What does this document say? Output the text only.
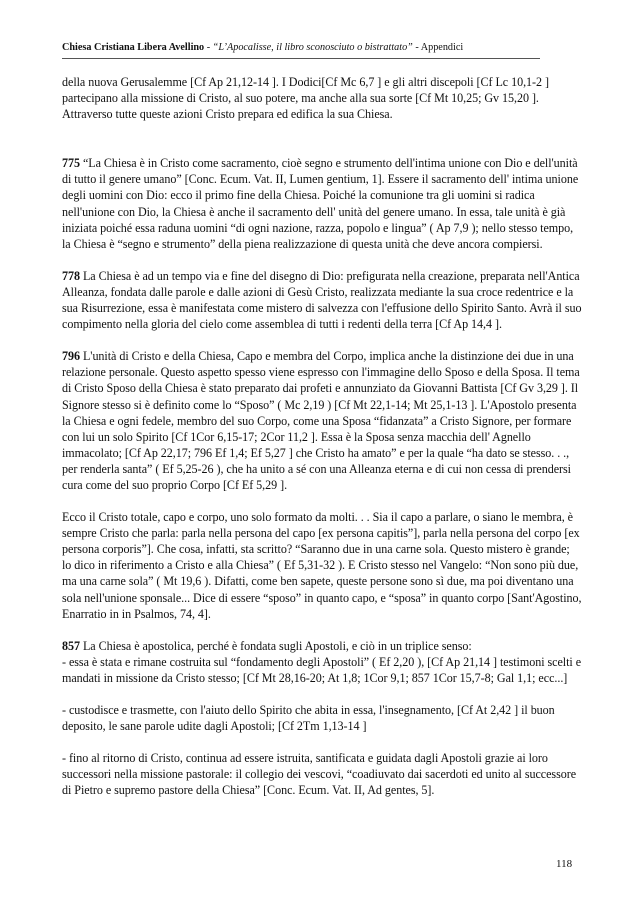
Chiesa Cristiana Libera Avellino - “L’Apocalisse, il libro sconosciuto o bistrattato” - Appendici

della nuova Gerusalemme [Cf Ap 21,12-14 ]. I Dodici[Cf Mc 6,7 ] e gli altri discepoli [Cf Lc 10,1-2 ] partecipano alla missione di Cristo, al suo potere, ma anche alla sua sorte [Cf Mt 10,25; Gv 15,20 ]. Attraverso tutte queste azioni Cristo prepara ed edifica la sua Chiesa.

775 “La Chiesa è in Cristo come sacramento, cioè segno e strumento dell'intima unione con Dio e dell'unità di tutto il genere umano” [Conc. Ecum. Vat. II, Lumen gentium, 1]. Essere il sacramento dell' intima unione degli uomini con Dio: ecco il primo fine della Chiesa. Poiché la comunione tra gli uomini si radica nell'unione con Dio, la Chiesa è anche il sacramento dell' unità del genere umano. In essa, tale unità è già iniziata poiché essa raduna uomini “di ogni nazione, razza, popolo e lingua” ( Ap 7,9 ); nello stesso tempo, la Chiesa è “segno e strumento” della piena realizzazione di questa unità che deve ancora compiersi.

778 La Chiesa è ad un tempo via e fine del disegno di Dio: prefigurata nella creazione, preparata nell'Antica Alleanza, fondata dalle parole e dalle azioni di Gesù Cristo, realizzata mediante la sua croce redentrice e la sua Risurrezione, essa è manifestata come mistero di salvezza con l'effusione dello Spirito Santo. Avrà il suo compimento nella gloria del cielo come assemblea di tutti i redenti della terra [Cf Ap 14,4 ].

796 L'unità di Cristo e della Chiesa, Capo e membra del Corpo, implica anche la distinzione dei due in una relazione personale. Questo aspetto spesso viene espresso con l'immagine dello Sposo e della Sposa. Il tema di Cristo Sposo della Chiesa è stato preparato dai profeti e annunziato da Giovanni Battista [Cf Gv 3,29 ]. Il Signore stesso si è definito come lo “Sposo” ( Mc 2,19 ) [Cf Mt 22,1-14; Mt 25,1-13 ]. L'Apostolo presenta la Chiesa e ogni fedele, membro del suo Corpo, come una Sposa “fidanzata” a Cristo Signore, per formare con lui un solo Spirito [Cf 1Cor 6,15-17; 2Cor 11,2 ]. Essa è la Sposa senza macchia dell' Agnello immacolato; [Cf Ap 22,17; 796 Ef 1,4; Ef 5,27 ] che Cristo ha amato” e per la quale “ha dato se stesso. . ., per renderla santa” ( Ef 5,25-26 ), che ha unito a sé con una Alleanza eterna e di cui non cessa di prendersi cura come del suo proprio Corpo [Cf Ef 5,29 ].

Ecco il Cristo totale, capo e corpo, uno solo formato da molti. . . Sia il capo a parlare, o siano le membra, è sempre Cristo che parla: parla nella persona del capo [ex persona capitis”], parla nella persona del corpo [ex persona corporis”]. Che cosa, infatti, sta scritto? “Saranno due in una carne sola. Questo mistero è grande; lo dico in riferimento a Cristo e alla Chiesa” ( Ef 5,31-32 ). E Cristo stesso nel Vangelo: “Non sono più due, ma una carne sola” ( Mt 19,6 ). Difatti, come ben sapete, queste persone sono sì due, ma poi diventano una sola nell'unione sponsale... Dice di essere “sposo” in quanto capo, e “sposa” in quanto corpo [Sant'Agostino, Enarratio in in Psalmos, 74, 4].

857 La Chiesa è apostolica, perché è fondata sugli Apostoli, e ciò in un triplice senso:
- essa è stata e rimane costruita sul “fondamento degli Apostoli” ( Ef 2,20 ), [Cf Ap 21,14 ] testimoni scelti e mandati in missione da Cristo stesso; [Cf Mt 28,16-20; At 1,8; 1Cor 9,1; 857 1Cor 15,7-8; Gal 1,1; ecc...]

- custodisce e trasmette, con l'aiuto dello Spirito che abita in essa, l'insegnamento, [Cf At 2,42 ] il buon deposito, le sane parole udite dagli Apostoli; [Cf 2Tm 1,13-14 ]

- fino al ritorno di Cristo, continua ad essere istruita, santificata e guidata dagli Apostoli grazie ai loro successori nella missione pastorale: il collegio dei vescovi, “coadiuvato dai sacerdoti ed unito al successore di Pietro e supremo pastore della Chiesa” [Conc. Ecum. Vat. II, Ad gentes, 5].

118
